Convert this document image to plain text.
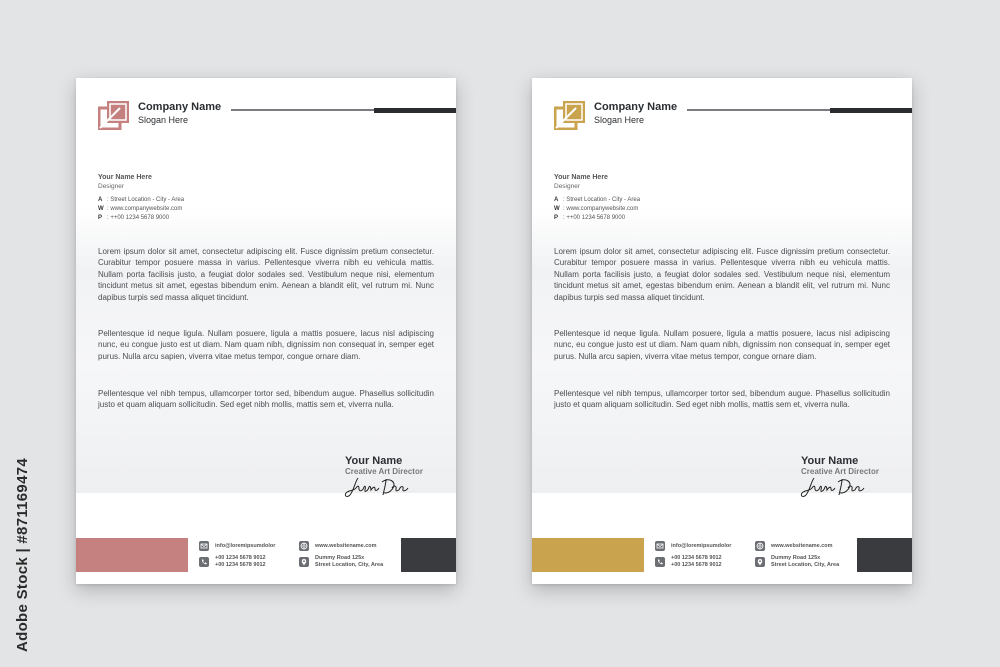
Adobe Stock | #871169474
Company Name
Slogan Here
Your Name Here
Designer
A : Street Location - City - Area
W : www.companywebsite.com
P : ++00 1234 5678 9000

Lorem ipsum dolor sit amet, consectetur adipiscing elit. Fusce dignissim pretium consectetur. Curabitur tempor posuere massa in varius. Pellentesque viverra nibh eu vehicula mattis. Nullam porta facilisis justo, a feugiat dolor sodales sed. Vestibulum neque nisi, elementum tincidunt metus sit amet, egestas bibendum enim. Aenean a blandit elit, vel rutrum mi. Nunc dapibus turpis sed massa aliquet tincidunt.

Pellentesque id neque ligula. Nullam posuere, ligula a mattis posuere, lacus nisl adipiscing nunc, eu congue justo est ut diam. Nam quam nibh, dignissim non consequat in, semper eget purus. Nulla arcu sapien, viverra vitae metus tempor, congue ornare diam.

Pellentesque vel nibh tempus, ullamcorper tortor sed, bibendum augue. Phasellus sollicitudin justo et quam aliquam sollicitudin. Sed eget nibh mollis, mattis sem et, viverra nulla.

Your Name
Creative Art Director
info@loremipsumdolor
+00 1234 5678 9012
+00 1234 5678 9012
www.websitename.com
Dummy Road 125x
Street Location, City, Area
Company Name
Slogan Here
Your Name Here
Designer
A : Street Location - City - Area
W : www.companywebsite.com
P : ++00 1234 5678 9000

Lorem ipsum dolor sit amet, consectetur adipiscing elit. Fusce dignissim pretium consectetur. Curabitur tempor posuere massa in varius. Pellentesque viverra nibh eu vehicula mattis. Nullam porta facilisis justo, a feugiat dolor sodales sed. Vestibulum neque nisi, elementum tincidunt metus sit amet, egestas bibendum enim. Aenean a blandit elit, vel rutrum mi. Nunc dapibus turpis sed massa aliquet tincidunt.

Pellentesque id neque ligula. Nullam posuere, ligula a mattis posuere, lacus nisl adipiscing nunc, eu congue justo est ut diam. Nam quam nibh, dignissim non consequat in, semper eget purus. Nulla arcu sapien, viverra vitae metus tempor, congue ornare diam.

Pellentesque vel nibh tempus, ullamcorper tortor sed, bibendum augue. Phasellus sollicitudin justo et quam aliquam sollicitudin. Sed eget nibh mollis, mattis sem et, viverra nulla.

Your Name
Creative Art Director
info@loremipsumdolor
+00 1234 5678 9012
+00 1234 5678 9012
www.websitename.com
Dummy Road 125x
Street Location, City, Area
